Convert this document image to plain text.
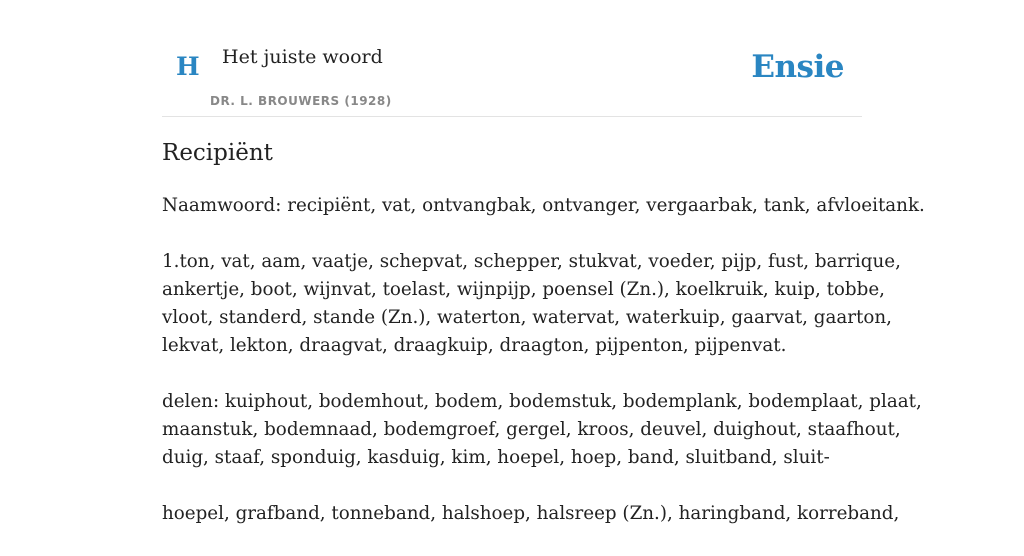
H Het juiste woord
DR. L. BROUWERS (1928)
Ensie
Recipiënt

Naamwoord: recipiënt, vat, ontvangbak, ontvanger, vergaarbak, tank, afvloeitank.

1.ton, vat, aam, vaatje, schepvat, schepper, stukvat, voeder, pijp, fust, barrique,
ankertje, boot, wijnvat, toelast, wijnpijp, poensel (Zn.), koelkruik, kuip, tobbe,
vloot, standerd, stande (Zn.), waterton, watervat, waterkuip, gaarvat, gaarton,
lekvat, lekton, draagvat, draagkuip, draagton, pijpenton, pijpenvat.

delen: kuiphout, bodemhout, bodem, bodemstuk, bodemplank, bodemplaat, plaat,
maanstuk, bodemnaad, bodemgroef, gergel, kroos, deuvel, duighout, staafhout,
duig, staaf, sponduig, kasduig, kim, hoepel, hoep, band, sluitband, sluit-

hoepel, grafband, tonneband, halshoep, halsreep (Zn.), haringband, korreband,
